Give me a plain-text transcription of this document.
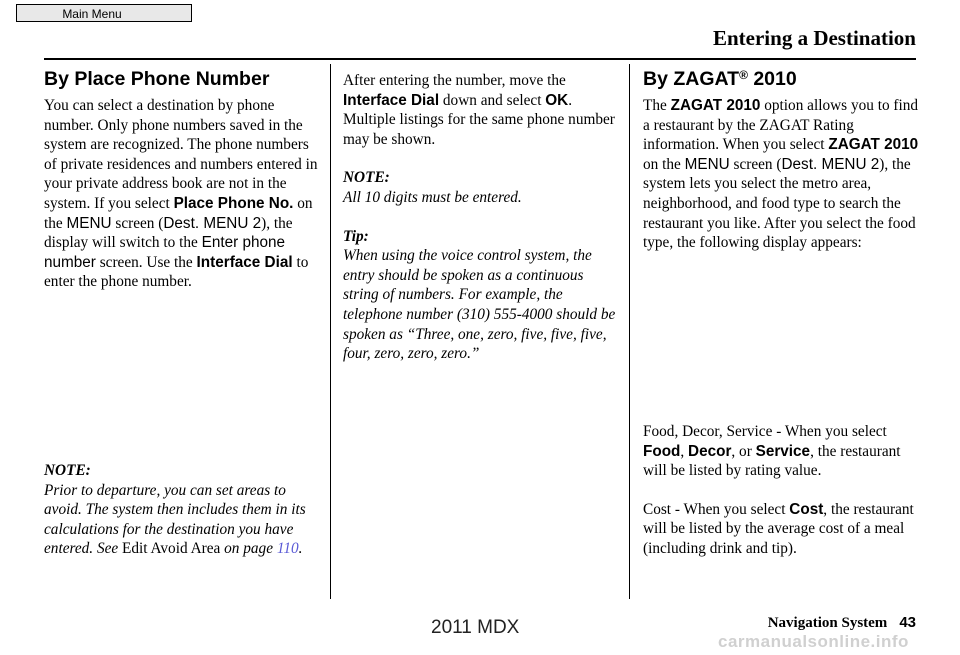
Main Menu
Entering a Destination
By Place Phone Number

You can select a destination by phone number. Only phone numbers saved in the system are recognized. The phone numbers of private residences and numbers entered in your private address book are not in the system. If you select Place Phone No. on the MENU screen (Dest. MENU 2), the display will switch to the Enter phone number screen. Use the Interface Dial to enter the phone number.

NOTE:

Prior to departure, you can set areas to avoid. The system then includes them in its calculations for the destination you have entered. See Edit Avoid Area on page 110.

After entering the number, move the Interface Dial down and select OK. Multiple listings for the same phone number may be shown.

NOTE:

All 10 digits must be entered.

Tip:

When using the voice control system, the entry should be spoken as a continuous string of numbers. For example, the telephone number (310) 555-4000 should be spoken as “Three, one, zero, five, five, five, four, zero, zero, zero.”

By ZAGAT® 2010

The ZAGAT 2010 option allows you to find a restaurant by the ZAGAT Rating information. When you select ZAGAT 2010 on the MENU screen (Dest. MENU 2), the system lets you select the metro area, neighborhood, and food type to search the restaurant you like. After you select the food type, the following display appears:

Food, Decor, Service - When you select Food, Decor, or Service, the restaurant will be listed by rating value.

Cost - When you select Cost, the restaurant will be listed by the average cost of a meal (including drink and tip).

Navigation System 43
2011 MDX
carmanualsonline.info
